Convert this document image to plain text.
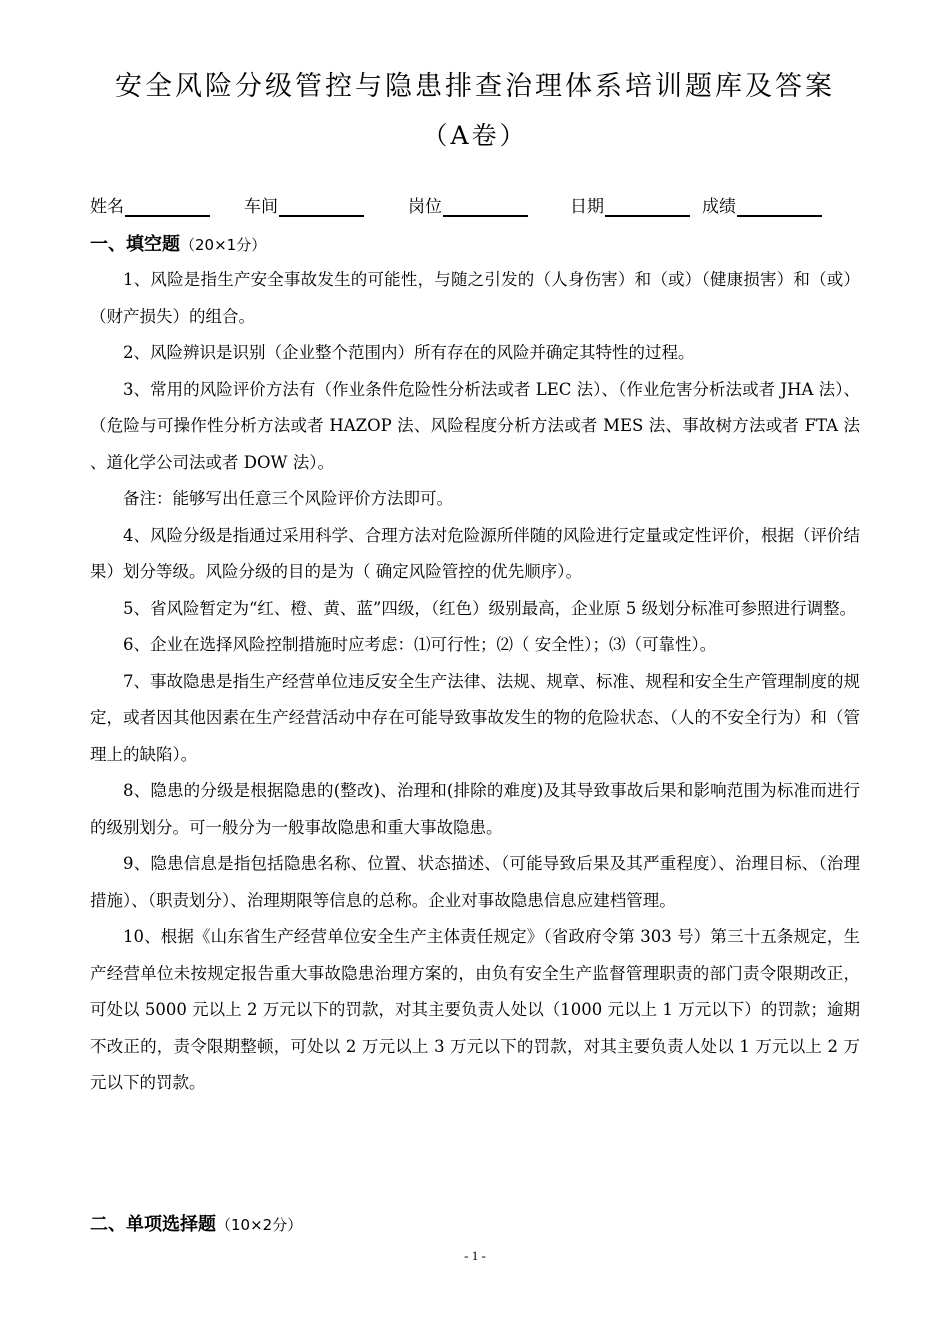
安全风险分级管控与隐患排查治理体系培训题库及答案
（A卷）
姓名	车间	岗位	日期	成绩
一、填空题（20×1分）

1、风险是指生产安全事故发生的可能性，与随之引发的（人身伤害）和（或）（健康损害）和（或）（财产损失）的组合。

2、风险辨识是识别（企业整个范围内）所有存在的风险并确定其特性的过程。

3、常用的风险评价方法有（作业条件危险性分析法或者 LEC 法）、（作业危害分析法或者 JHA 法）、（危险与可操作性分析方法或者 HAZOP 法、风险程度分析方法或者 MES 法、事故树方法或者 FTA 法 、道化学公司法或者 DOW 法）。

备注：能够写出任意三个风险评价方法即可。

4、风险分级是指通过采用科学、合理方法对危险源所伴随的风险进行定量或定性评价，根据（评价结果）划分等级。风险分级的目的是为（ 确定风险管控的优先顺序）。

5、省风险暂定为“红、橙、黄、蓝”四级，（红色）级别最高，企业原 5 级划分标准可参照进行调整。

6、企业在选择风险控制措施时应考虑：⑴可行性；⑵（ 安全性）；⑶（可靠性）。

7、事故隐患是指生产经营单位违反安全生产法律、法规、规章、标准、规程和安全生产管理制度的规定，或者因其他因素在生产经营活动中存在可能导致事故发生的物的危险状态、（人的不安全行为）和（管理上的缺陷）。

8、隐患的分级是根据隐患的(整改)、治理和(排除的难度)及其导致事故后果和影响范围为标准而进行的级别划分。可一般分为一般事故隐患和重大事故隐患。

9、隐患信息是指包括隐患名称、位置、状态描述、（可能导致后果及其严重程度）、治理目标、（治理措施）、（职责划分）、治理期限等信息的总称。企业对事故隐患信息应建档管理。

10、根据《山东省生产经营单位安全生产主体责任规定》（省政府令第 303 号）第三十五条规定，生产经营单位未按规定报告重大事故隐患治理方案的，由负有安全生产监督管理职责的部门责令限期改正，可处以 5000 元以上 2 万元以下的罚款，对其主要负责人处以（1000 元以上 1 万元以下）的罚款；逾期不改正的，责令限期整顿，可处以 2 万元以上 3 万元以下的罚款，对其主要负责人处以 1 万元以上 2 万元以下的罚款。

二、单项选择题（10×2分）
- 1 -
